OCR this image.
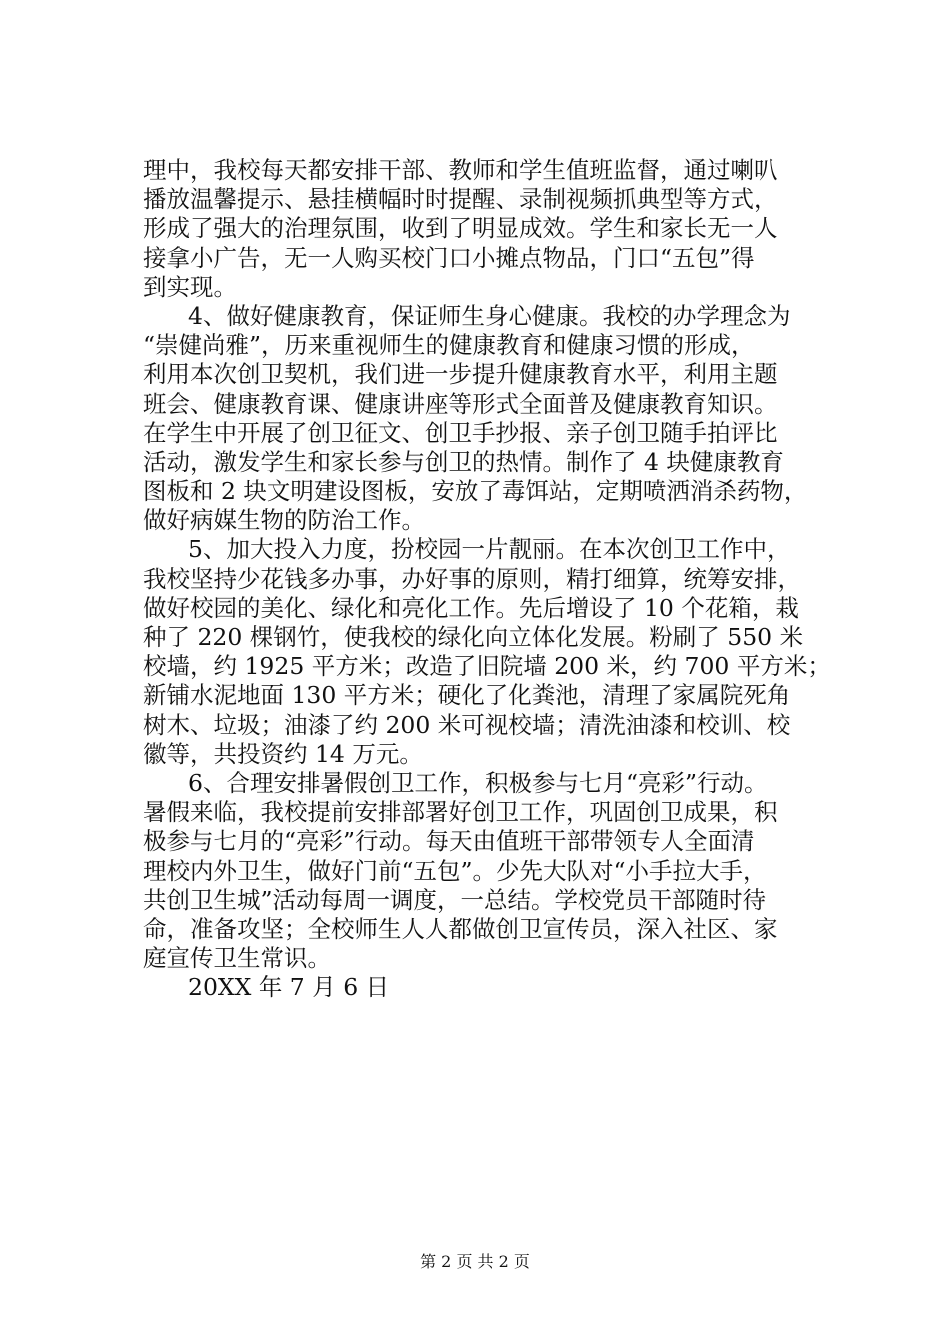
理中，我校每天都安排干部、教师和学生值班监督，通过喇叭
播放温馨提示、悬挂横幅时时提醒、录制视频抓典型等方式，
形成了强大的治理氛围，收到了明显成效。学生和家长无一人
接拿小广告，无一人购买校门口小摊点物品，门口“五包”得
到实现。
4、做好健康教育，保证师生身心健康。我校的办学理念为
“崇健尚雅”，历来重视师生的健康教育和健康习惯的形成，
利用本次创卫契机，我们进一步提升健康教育水平，利用主题
班会、健康教育课、健康讲座等形式全面普及健康教育知识。
在学生中开展了创卫征文、创卫手抄报、亲子创卫随手拍评比
活动，激发学生和家长参与创卫的热情。制作了 4 块健康教育
图板和 2 块文明建设图板，安放了毒饵站，定期喷洒消杀药物，
做好病媒生物的防治工作。
5、加大投入力度，扮校园一片靓丽。在本次创卫工作中，
我校坚持少花钱多办事，办好事的原则，精打细算，统筹安排，
做好校园的美化、绿化和亮化工作。先后增设了 10 个花箱，栽
种了 220 棵钢竹，使我校的绿化向立体化发展。粉刷了 550 米
校墙，约 1925 平方米；改造了旧院墙 200 米，约 700 平方米；
新铺水泥地面 130 平方米；硬化了化粪池，清理了家属院死角
树木、垃圾；油漆了约 200 米可视校墙；清洗油漆和校训、校
徽等，共投资约 14 万元。
6、合理安排暑假创卫工作，积极参与七月“亮彩”行动。
暑假来临，我校提前安排部署好创卫工作，巩固创卫成果，积
极参与七月的“亮彩”行动。每天由值班干部带领专人全面清
理校内外卫生，做好门前“五包”。少先大队对“小手拉大手，
共创卫生城”活动每周一调度，一总结。学校党员干部随时待
命，准备攻坚；全校师生人人都做创卫宣传员，深入社区、家
庭宣传卫生常识。
20XX 年 7 月 6 日
第 2 页 共 2 页
